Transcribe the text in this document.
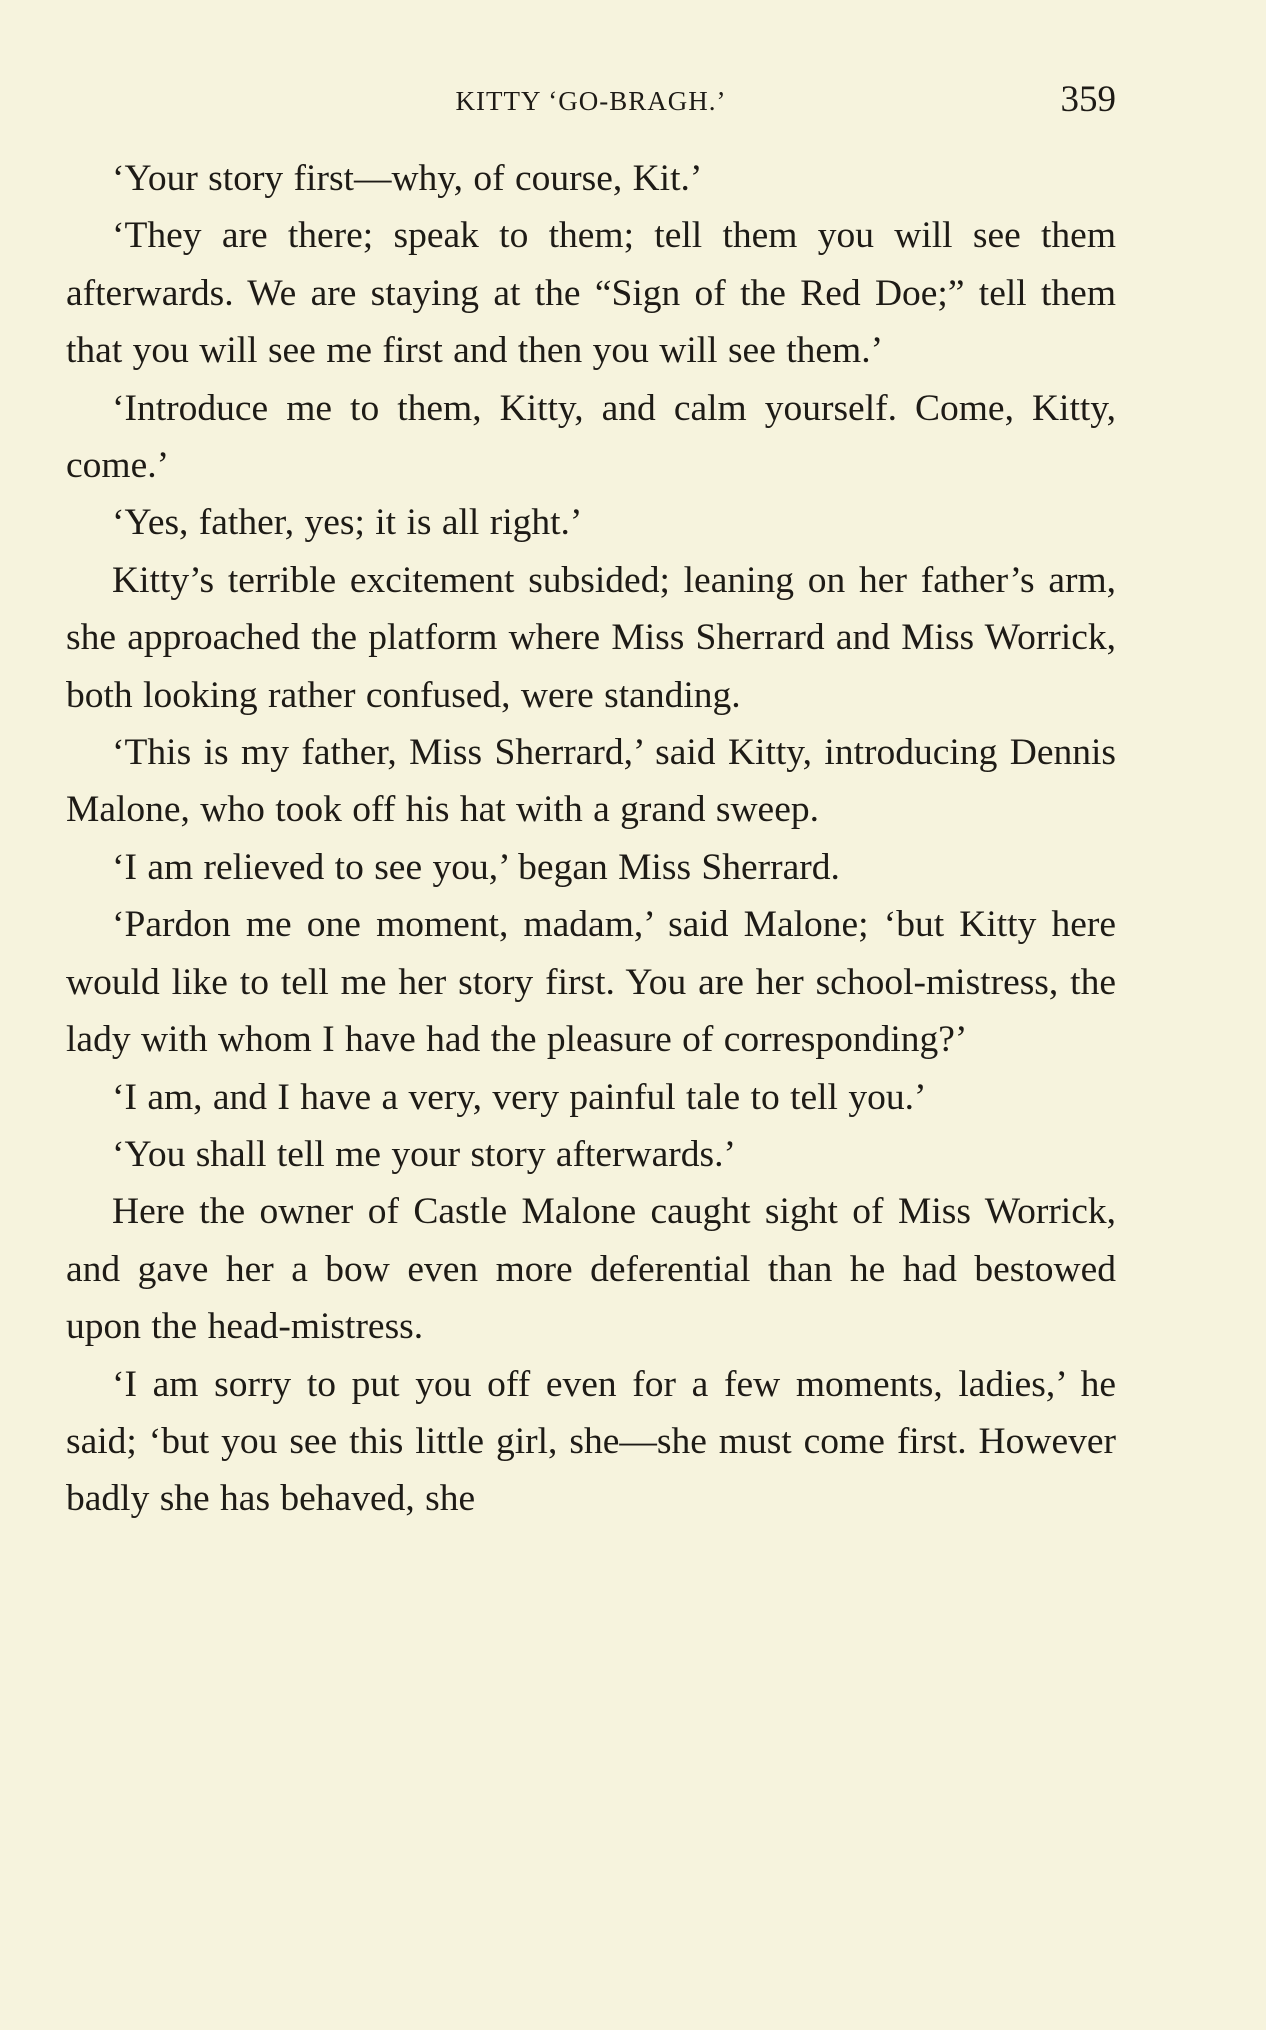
KITTY ‘GO-BRAGH.’	359

‘Your story first—why, of course, Kit.’

‘They are there; speak to them; tell them you will see them afterwards. We are staying at the “Sign of the Red Doe;” tell them that you will see me first and then you will see them.’

‘Introduce me to them, Kitty, and calm yourself. Come, Kitty, come.’

‘Yes, father, yes; it is all right.’

Kitty’s terrible excitement subsided; leaning on her father’s arm, she approached the platform where Miss Sherrard and Miss Worrick, both looking rather confused, were standing.

‘This is my father, Miss Sherrard,’ said Kitty, introducing Dennis Malone, who took off his hat with a grand sweep.

‘I am relieved to see you,’ began Miss Sherrard.

‘Pardon me one moment, madam,’ said Malone; ‘but Kitty here would like to tell me her story first. You are her school-mistress, the lady with whom I have had the pleasure of corresponding?’

‘I am, and I have a very, very painful tale to tell you.’

‘You shall tell me your story afterwards.’

Here the owner of Castle Malone caught sight of Miss Worrick, and gave her a bow even more deferential than he had bestowed upon the head-mistress.

‘I am sorry to put you off even for a few moments, ladies,’ he said; ‘but you see this little girl, she—she must come first. However badly she has behaved, she
